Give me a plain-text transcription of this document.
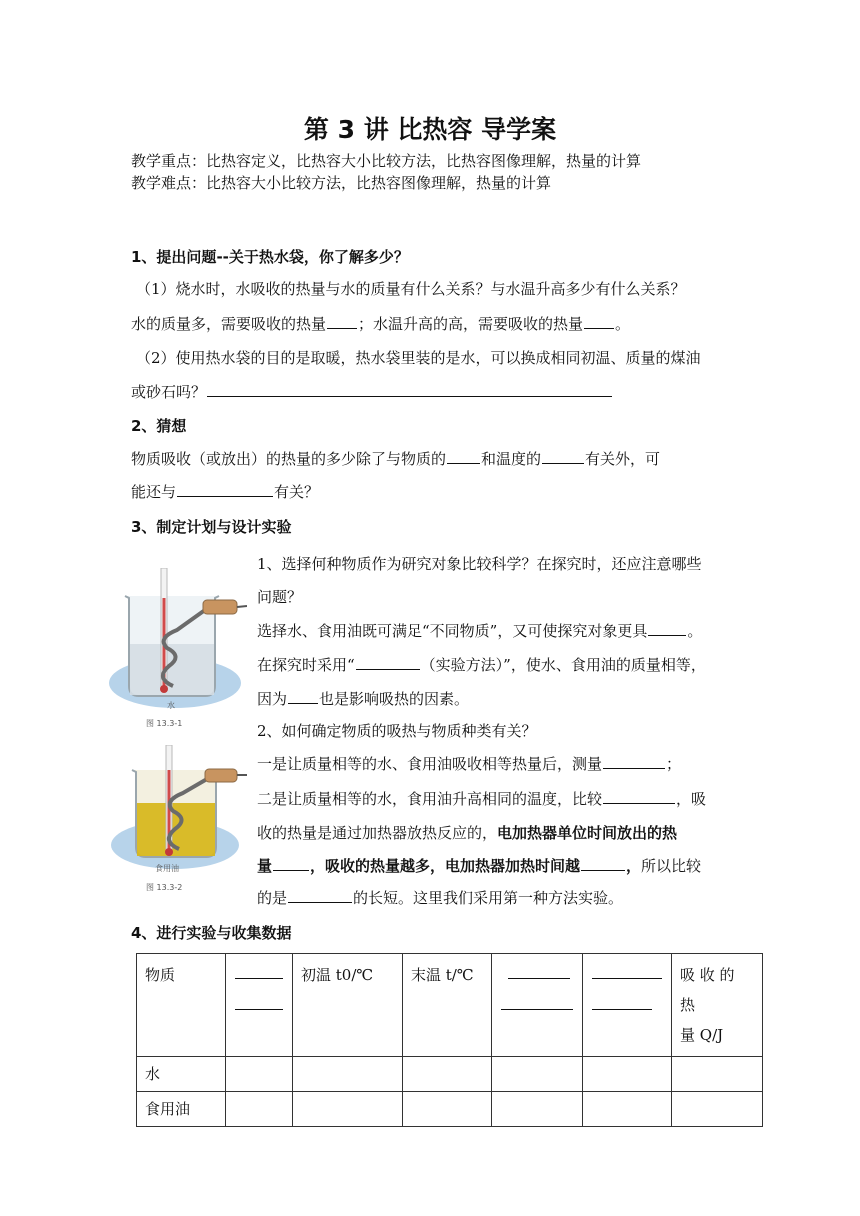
第 3 讲 比热容 导学案
教学重点：比热容定义，比热容大小比较方法，比热容图像理解，热量的计算
教学难点：比热容大小比较方法，比热容图像理解，热量的计算
1、提出问题--关于热水袋，你了解多少？
（1）烧水时，水吸收的热量与水的质量有什么关系？与水温升高多少有什么关系？
水的质量多，需要吸收的热量 ；水温升高的高，需要吸收的热量 。
（2）使用热水袋的目的是取暖，热水袋里装的是水，可以换成相同初温、质量的煤油
或砂石吗？
2、猜想
物质吸收（或放出）的热量的多少除了与物质的 和温度的	有关外，可
能还与	有关？
3、制定计划与设计实验
水
图 13.3-1
食用油
图 13.3-2
1、选择何种物质作为研究对象比较科学？在探究时，还应注意哪些
问题？
选择水、食用油既可满足“不同物质”，又可使探究对象更具	。
在探究时采用“	（实验方法）”，使水、食用油的质量相等，
因为 也是影响吸热的因素。
2、如何确定物质的吸热与物质种类有关？
一是让质量相等的水、食用油吸收相等热量后，测量	；
二是让质量相等的水，食用油升高相同的温度，比较	，吸
收的热量是通过加热器放热反应的，电加热器单位时间放出的热
量	，吸收的热量越多，电加热器加热时间越	，所以比较
的是	的长短。这里我们采用第一种方法实验。
4、进行实验与收集数据
物质		初温 t0/℃	末温 t/℃			吸 收 的 热
量 Q/J

水						
食用油						
